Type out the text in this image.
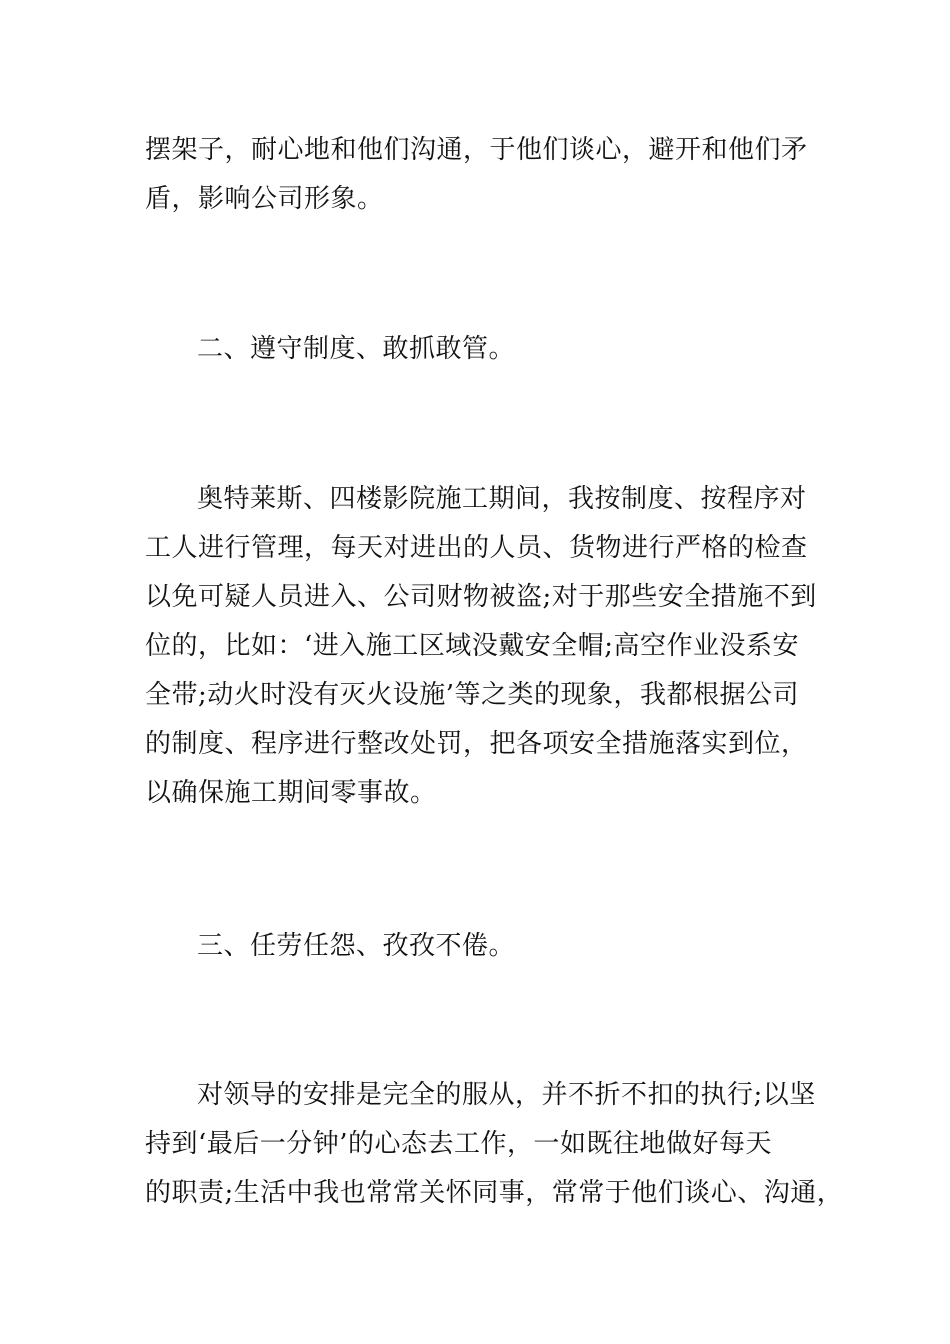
摆架子，耐心地和他们沟通，于他们谈心，避开和他们矛
盾，影响公司形象。

二、遵守制度、敢抓敢管。

奥特莱斯、四楼影院施工期间，我按制度、按程序对
工人进行管理，每天对进出的人员、货物进行严格的检查
以免可疑人员进入、公司财物被盗;对于那些安全措施不到
位的，比如：‘进入施工区域没戴安全帽;高空作业没系安
全带;动火时没有灭火设施’等之类的现象，我都根据公司
的制度、程序进行整改处罚，把各项安全措施落实到位，
以确保施工期间零事故。

三、任劳任怨、孜孜不倦。

对领导的安排是完全的服从，并不折不扣的执行;以坚
持到‘最后一分钟’的心态去工作，一如既往地做好每天
的职责;生活中我也常常关怀同事，常常于他们谈心、沟通，
